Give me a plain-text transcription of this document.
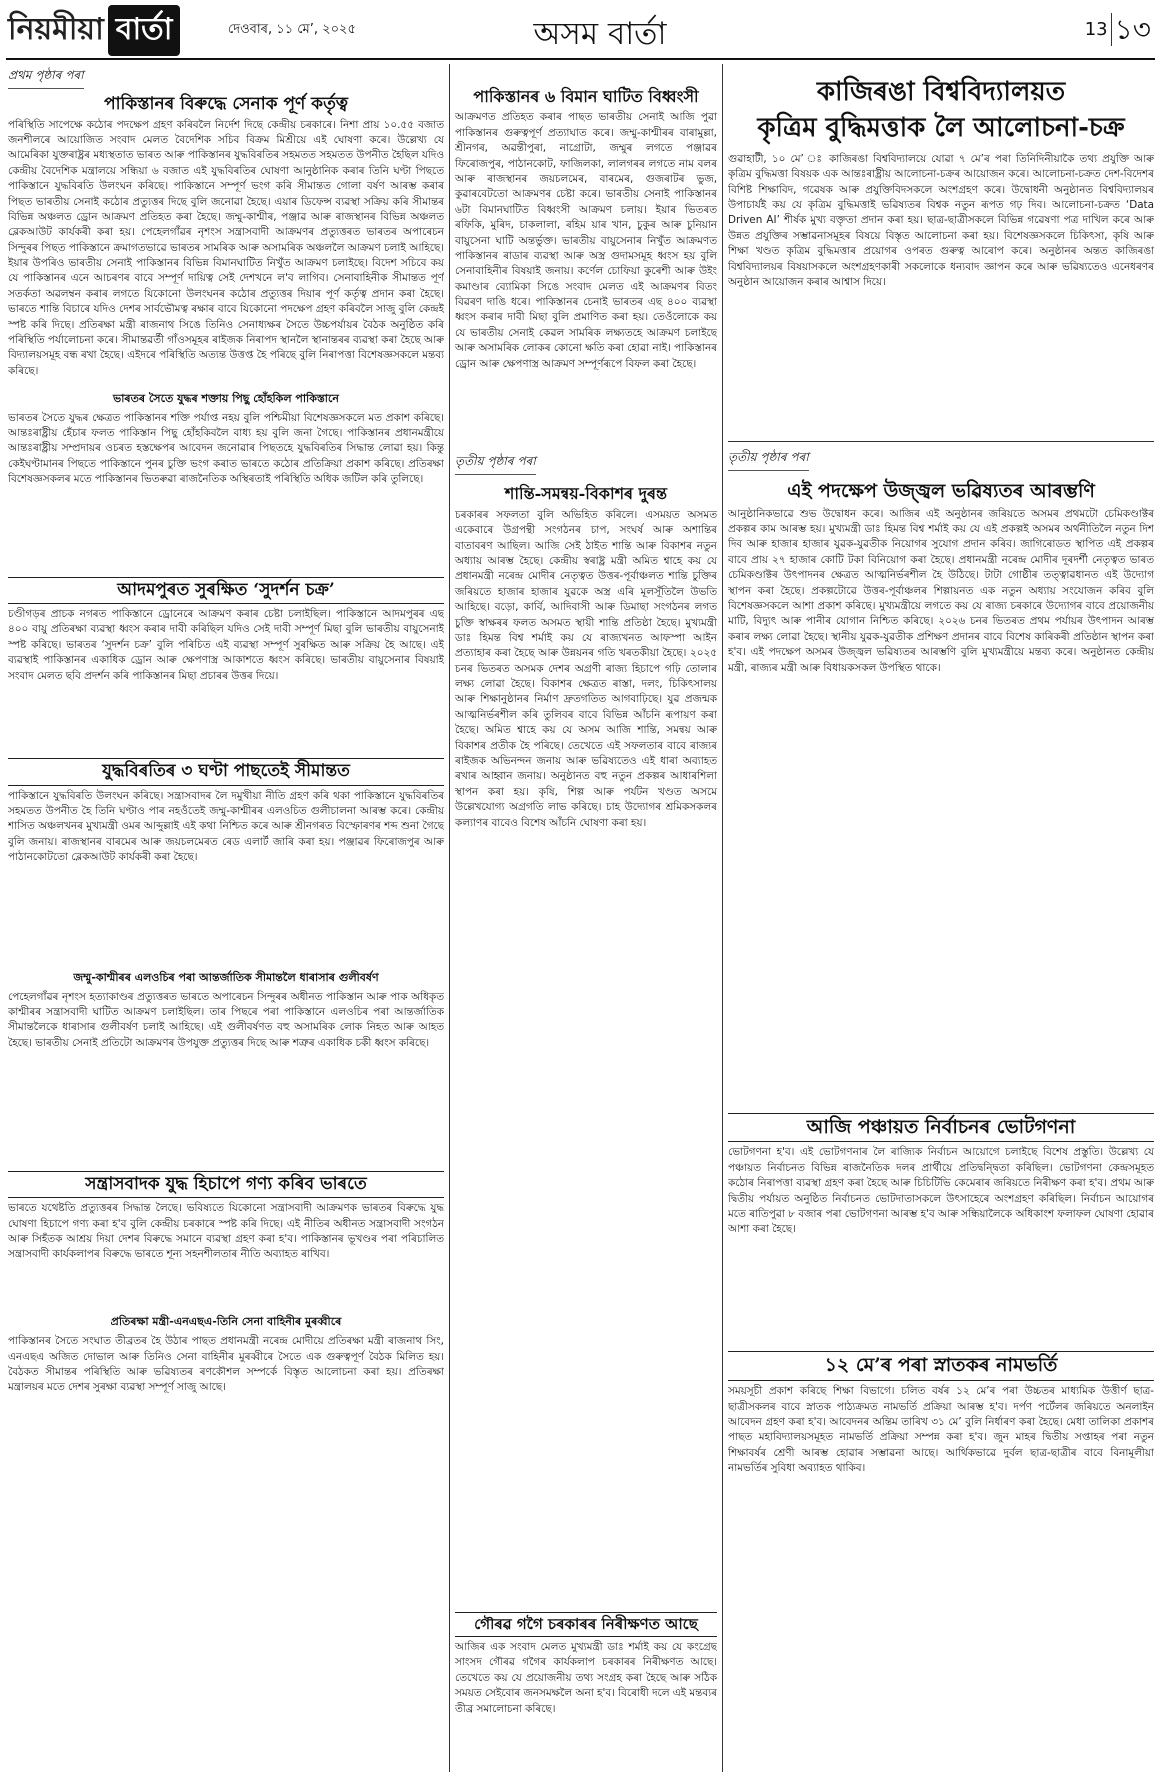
নিয়মীয়া বাৰ্তা	দেওবাৰ, ১১ মে’, ২০২৫	অসম বাৰ্তা	13 ১৩
প্ৰথম পৃষ্ঠাৰ পৰা
পাকিস্তানৰ বিৰুদ্ধে সেনাক পূৰ্ণ কৰ্তৃত্ব
পৰিস্থিতি সাপেক্ষে কঠোৰ পদক্ষেপ গ্ৰহণ কৰিবলৈ নিৰ্দেশ দিছে কেন্দ্ৰীয় চৰকাৰে। নিশা প্ৰায় ১০.৫৫ বজাত জনশীলৰে আয়োজিত সংবাদ মেলত বৈদেশিক সচিব বিক্ৰম মিশ্ৰীয়ে এই ঘোষণা কৰে। উল্লেখ্য যে আমেৰিকা যুক্তৰাষ্ট্ৰৰ মধ্যস্থতাত ভাৰত আৰু পাকিস্তানৰ যুদ্ধবিৰতিৰ সহমতত সহমতত উপনীত হৈছিল যদিও কেন্দ্ৰীয় বৈদেশিক মন্ত্ৰালয়ে সন্ধিয়া ৬ বজাত এই যুদ্ধবিৰতিৰ ঘোষণা আনুষ্ঠানিক কৰাৰ তিনি ঘণ্টা পিছতে পাকিস্তানে যুদ্ধবিৰতি উলংঘন কৰিছে। পাকিস্তানে সম্পূৰ্ণ ভংগ কৰি সীমান্তত গোলা বৰ্ষণ আৰম্ভ কৰাৰ পিছত ভাৰতীয় সেনাই কঠোৰ প্ৰত্যুত্তৰ দিছে বুলি জনোৱা হৈছে। এয়াৰ ডিফেন্স ব্যৱস্থা সক্ৰিয় কৰি সীমান্তৰ বিভিন্ন অঞ্চলত ড্ৰোন আক্ৰমণ প্ৰতিহত কৰা হৈছে। জম্মু-কাশ্মীৰ, পঞ্জাৱ আৰু ৰাজস্থানৰ বিভিন্ন অঞ্চলত ব্লেকআউট কাৰ্যকৰী কৰা হয়। পেহেলগাঁৱৰ নৃশংস সন্ত্ৰাসবাদী আক্ৰমণৰ প্ৰত্যুত্তৰত ভাৰতৰ অপাৰেচন সিন্দুৰৰ পিছত পাকিস্তানে ক্ৰমাগতভাৱে ভাৰতৰ সামৰিক আৰু অসামৰিক অঞ্চললৈ আক্ৰমণ চলাই আহিছে। ইয়াৰ উপৰিও ভাৰতীয় সেনাই পাকিস্তানৰ বিভিন্ন বিমানঘাটিত নিখুঁত আক্ৰমণ চলাইছে। বিদেশ সচিবে কয় যে পাকিস্তানৰ এনে আচৰণৰ বাবে সম্পূৰ্ণ দায়িত্ব সেই দেশখনে ল'ব লাগিব। সেনাবাহিনীক সীমান্তত পূৰ্ণ সতৰ্কতা অৱলম্বন কৰাৰ লগতে যিকোনো উলংঘনৰ কঠোৰ প্ৰত্যুত্তৰ দিয়াৰ পূৰ্ণ কৰ্তৃত্ব প্ৰদান কৰা হৈছে। ভাৰতে শান্তি বিচাৰে যদিও দেশৰ সাৰ্বভৌমত্ব ৰক্ষাৰ বাবে যিকোনো পদক্ষেপ গ্ৰহণ কৰিবলৈ সাজু বুলি কেন্দ্ৰই স্পষ্ট কৰি দিছে। প্ৰতিৰক্ষা মন্ত্ৰী ৰাজনাথ সিঙে তিনিও সেনাধ্যক্ষৰ সৈতে উচ্চপৰ্যায়ৰ বৈঠক অনুষ্ঠিত কৰি পৰিস্থিতি পৰ্যালোচনা কৰে। সীমান্তৱৰ্তী গাঁওসমূহৰ ৰাইজক নিৰাপদ স্থানলৈ স্থানান্তৰৰ ব্যৱস্থা কৰা হৈছে আৰু বিদ্যালয়সমূহ বন্ধ ৰখা হৈছে। এইদৰে পৰিস্থিতি অত্যন্ত উত্তপ্ত হৈ পৰিছে বুলি নিৰাপত্তা বিশেষজ্ঞসকলে মন্তব্য কৰিছে।
ভাৰতৰ সৈতে যুদ্ধৰ শক্তায় পিছু হোঁহকিল পাকিস্তানে
ভাৰতৰ সৈতে যুদ্ধৰ ক্ষেত্ৰত পাকিস্তানৰ শক্তি পৰ্যাপ্ত নহয় বুলি পশ্চিমীয়া বিশেষজ্ঞসকলে মত প্ৰকাশ কৰিছে। আন্তঃৰাষ্ট্ৰীয় হেঁচাৰ ফলত পাকিস্তান পিছু হোঁহকিবলৈ বাধ্য হয় বুলি জনা গৈছে। পাকিস্তানৰ প্ৰধানমন্ত্ৰীয়ে আন্তঃৰাষ্ট্ৰীয় সম্প্ৰদায়ৰ ওচৰত হস্তক্ষেপৰ আবেদন জনোৱাৰ পিছতহে যুদ্ধবিৰতিৰ সিদ্ধান্ত লোৱা হয়। কিন্তু কেইঘণ্টামানৰ পিছতে পাকিস্তানে পুনৰ চুক্তি ভংগ কৰাত ভাৰতে কঠোৰ প্ৰতিক্ৰিয়া প্ৰকাশ কৰিছে। প্ৰতিৰক্ষা বিশেষজ্ঞসকলৰ মতে পাকিস্তানৰ ভিতৰুৱা ৰাজনৈতিক অস্থিৰতাই পৰিস্থিতি অধিক জটিল কৰি তুলিছে।
আদমপুৰত সুৰক্ষিত ‘সুদৰ্শন চক্ৰ’
চণ্ডীগড়ৰ প্ৰাচক নগৰত পাকিস্তানে ড্ৰোনেৰে আক্ৰমণ কৰাৰ চেষ্টা চলাইছিল। পাকিস্তানে আদমপুৰৰ এছ ৪০০ বায়ু প্ৰতিৰক্ষা ব্যৱস্থা ধ্বংস কৰাৰ দাবী কৰিছিল যদিও সেই দাবী সম্পূৰ্ণ মিছা বুলি ভাৰতীয় বায়ুসেনাই স্পষ্ট কৰিছে। ভাৰতৰ ‘সুদৰ্শন চক্ৰ’ বুলি পৰিচিত এই ব্যৱস্থা সম্পূৰ্ণ সুৰক্ষিত আৰু সক্ৰিয় হৈ আছে। এই ব্যৱস্থাই পাকিস্তানৰ একাধিক ড্ৰোন আৰু ক্ষেপণাস্ত্ৰ আকাশতে ধ্বংস কৰিছে। ভাৰতীয় বায়ুসেনাৰ বিষয়াই সংবাদ মেলত ছবি প্ৰদৰ্শন কৰি পাকিস্তানৰ মিছা প্ৰচাৰৰ উত্তৰ দিয়ে।
যুদ্ধবিৰতিৰ ৩ ঘণ্টা পাছতেই সীমান্তত
পাকিস্তানে যুদ্ধবিৰতি উলংঘন কৰিছে। সন্ত্ৰাসবাদৰ লৈ দমুখীয়া নীতি গ্ৰহণ কৰি থকা পাকিস্তানে যুদ্ধবিৰতিৰ সহমতত উপনীত হৈ তিনি ঘণ্টাও পাৰ নহওঁতেই জম্মু-কাশ্মীৰৰ এলওচিত গুলীচালনা আৰম্ভ কৰে। কেন্দ্ৰীয় শাসিত অঞ্চলখনৰ মুখ্যমন্ত্ৰী ওমৰ আব্দুল্লাই এই কথা নিশ্চিত কৰে আৰু শ্ৰীনগৰত বিস্ফোৰণৰ শব্দ শুনা গৈছে বুলি জনায়। ৰাজস্থানৰ বাৰমেৰ আৰু জয়চলমেৰত ৰেড এলাৰ্ট জাৰি কৰা হয়। পঞ্জাৱৰ ফিৰোজপুৰ আৰু পাঠানকোটতো ব্লেকআউট কাৰ্যকৰী কৰা হৈছে।
জম্মু-কাশ্মীৰৰ এলওচিৰ পৰা আন্তৰ্জাতিক সীমান্তলৈ ধাৰাসাৰ গুলীবৰ্ষণ
পেহেলগাঁৱৰ নৃশংস হত্যাকাণ্ডৰ প্ৰত্যুত্তৰত ভাৰতে অপাৰেচন সিন্দুৰৰ অধীনত পাকিস্তান আৰু পাক অধিকৃত কাশ্মীৰৰ সন্ত্ৰাসবাদী ঘাটিত আক্ৰমণ চলাইছিল। তাৰ পিছৰে পৰা পাকিস্তানে এলওচিৰ পৰা আন্তৰ্জাতিক সীমান্তলৈকে ধাৰাসাৰ গুলীবৰ্ষণ চলাই আহিছে। এই গুলীবৰ্ষণত বহু অসামৰিক লোক নিহত আৰু আহত হৈছে। ভাৰতীয় সেনাই প্ৰতিটো আক্ৰমণৰ উপযুক্ত প্ৰত্যুত্তৰ দিছে আৰু শত্ৰুৰ একাধিক চকী ধ্বংস কৰিছে।
সন্ত্ৰাসবাদক যুদ্ধ হিচাপে গণ্য কৰিব ভাৰতে
ভাৰতে যথেষ্টতি প্ৰত্যুত্তৰৰ সিদ্ধান্ত লৈছে। ভবিষ্যতে যিকোনো সন্ত্ৰাসবাদী আক্ৰমণক ভাৰতৰ বিৰুদ্ধে যুদ্ধ ঘোষণা হিচাপে গণ্য কৰা হ'ব বুলি কেন্দ্ৰীয় চৰকাৰে স্পষ্ট কৰি দিছে। এই নীতিৰ অধীনত সন্ত্ৰাসবাদী সংগঠন আৰু সিহঁতক আশ্ৰয় দিয়া দেশৰ বিৰুদ্ধে সমানে ব্যৱস্থা গ্ৰহণ কৰা হ'ব। পাকিস্তানৰ ভূখণ্ডৰ পৰা পৰিচালিত সন্ত্ৰাসবাদী কাৰ্যকলাপৰ বিৰুদ্ধে ভাৰতে শূন্য সহনশীলতাৰ নীতি অব্যাহত ৰাখিব।
প্ৰতিৰক্ষা মন্ত্ৰী-এনএছএ-তিনি সেনা বাহিনীৰ মুৰব্বীৰে
পাকিস্তানৰ সৈতে সংঘাত তীব্ৰতৰ হৈ উঠাৰ পাছত প্ৰধানমন্ত্ৰী নৰেন্দ্ৰ মোদীয়ে প্ৰতিৰক্ষা মন্ত্ৰী ৰাজনাথ সিং, এনএছএ অজিত দোভাল আৰু তিনিও সেনা বাহিনীৰ মুৰব্বীৰে সৈতে এক গুৰুত্বপূৰ্ণ বৈঠক মিলিত হয়। বৈঠকত সীমান্তৰ পৰিস্থিতি আৰু ভৱিষ্যতৰ ৰণকৌশল সম্পৰ্কে বিস্তৃত আলোচনা কৰা হয়। প্ৰতিৰক্ষা মন্ত্ৰালয়ৰ মতে দেশৰ সুৰক্ষা ব্যৱস্থা সম্পূৰ্ণ সাজু আছে।
পাকিস্তানৰ ৬ বিমান ঘাটিত বিধ্বংসী
আক্ৰমণত প্ৰতিহত কৰাৰ পাছত ভাৰতীয় সেনাই আজি পুৱা পাকিস্তানৰ গুৰুত্বপূৰ্ণ প্ৰত্যাঘাত কৰে। জম্মু-কাশ্মীৰৰ বাৰামুল্লা, শ্ৰীনগৰ, অৱন্তীপুৰা, নাগ্ৰোটা, জম্মুৰ লগতে পঞ্জাৱৰ ফিৰোজপুৰ, পাঠানকোট, ফাজিলকা, লালগৰৰ লগতে নাম বলৰ আৰু ৰাজস্থানৰ জয়চলমেৰ, বাৰমেৰ, গুজৰাটৰ ভুজ, কুৱাৰবেটতো আক্ৰমণৰ চেষ্টা কৰে। ভাৰতীয় সেনাই পাকিস্তানৰ ৬টা বিমানঘাটিত বিধ্বংসী আক্ৰমণ চলায়। ইয়াৰ ভিতৰত ৰফিকি, মুৰিদ, চাকলালা, ৰহিম য়াৰ খান, চুকুৰ আৰু চুনিয়ান বায়ুসেনা ঘাটি অন্তৰ্ভুক্ত। ভাৰতীয় বায়ুসেনাৰ নিখুঁত আক্ৰমণত পাকিস্তানৰ ৰাডাৰ ব্যৱস্থা আৰু অস্ত্ৰ গুদামসমূহ ধ্বংস হয় বুলি সেনাবাহিনীৰ বিষয়াই জনায়। কৰ্ণেল চোফিয়া কুৰেশী আৰু উইং কমাণ্ডাৰ ব্যোমিকা সিঙে সংবাদ মেলত এই আক্ৰমণৰ বিতং বিৱৰণ দাঙি ধৰে। পাকিস্তানৰ চেনাই ভাৰতৰ এছ ৪০০ ব্যৱস্থা ধ্বংস কৰাৰ দাবী মিছা বুলি প্ৰমাণিত কৰা হয়। তেওঁলোকে কয় যে ভাৰতীয় সেনাই কেৱল সামৰিক লক্ষ্যতহে আক্ৰমণ চলাইছে আৰু অসামৰিক লোকৰ কোনো ক্ষতি কৰা হোৱা নাই। পাকিস্তানৰ ড্ৰোন আৰু ক্ষেপণাস্ত্ৰ আক্ৰমণ সম্পূৰ্ণৰূপে বিফল কৰা হৈছে।
তৃতীয় পৃষ্ঠাৰ পৰা
শান্তি-সমন্বয়-বিকাশৰ দুৰন্ত
চৰকাৰৰ সফলতা বুলি অভিহিত কৰিলে। এসময়ত অসমত একেবাৰে উগ্ৰপন্থী সংগঠনৰ চাপ, সংঘৰ্ষ আৰু অশান্তিৰ বাতাবৰণ আছিল। আজি সেই ঠাইত শান্তি আৰু বিকাশৰ নতুন অধ্যায় আৰম্ভ হৈছে। কেন্দ্ৰীয় স্বৰাষ্ট্ৰ মন্ত্ৰী অমিত শ্বাহে কয় যে প্ৰধানমন্ত্ৰী নৰেন্দ্ৰ মোদীৰ নেতৃত্বত উত্তৰ-পূৰ্বাঞ্চলত শান্তি চুক্তিৰ জৰিয়তে হাজাৰ হাজাৰ যুৱকে অস্ত্ৰ এৰি মূলসূঁতিলৈ উভতি আহিছে। বড়ো, কাৰ্বি, আদিবাসী আৰু ডিমাছা সংগঠনৰ লগত চুক্তি স্বাক্ষৰৰ ফলত অসমত স্থায়ী শান্তি প্ৰতিষ্ঠা হৈছে। মুখ্যমন্ত্ৰী ডাঃ হিমন্ত বিশ্ব শৰ্মাই কয় যে ৰাজ্যখনত আফস্পা আইন প্ৰত্যাহাৰ কৰা হৈছে আৰু উন্নয়নৰ গতি খৰতকীয়া হৈছে। ২০২৫ চনৰ ভিতৰত অসমক দেশৰ অগ্ৰণী ৰাজ্য হিচাপে গঢ়ি তোলাৰ লক্ষ্য লোৱা হৈছে। বিকাশৰ ক্ষেত্ৰত ৰাস্তা, দলং, চিকিৎসালয় আৰু শিক্ষানুষ্ঠানৰ নিৰ্মাণ দ্ৰুতগতিত আগবাঢ়িছে। যুৱ প্ৰজন্মক আত্মনিৰ্ভৰশীল কৰি তুলিবৰ বাবে বিভিন্ন আঁচনি ৰূপায়ণ কৰা হৈছে। অমিত শ্বাহে কয় যে অসম আজি শান্তি, সমন্বয় আৰু বিকাশৰ প্ৰতীক হৈ পৰিছে। তেখেতে এই সফলতাৰ বাবে ৰাজ্যৰ ৰাইজক অভিনন্দন জনায় আৰু ভৱিষ্যতেও এই ধাৰা অব্যাহত ৰখাৰ আহ্বান জনায়। অনুষ্ঠানত বহু নতুন প্ৰকল্পৰ আধাৰশিলা স্থাপন কৰা হয়। কৃষি, শিল্প আৰু পৰ্যটন খণ্ডত অসমে উল্লেখযোগ্য অগ্ৰগতি লাভ কৰিছে। চাহ উদ্যোগৰ শ্ৰমিকসকলৰ কল্যাণৰ বাবেও বিশেষ আঁচনি ঘোষণা কৰা হয়।
গৌৰৱ গগৈ চৰকাৰৰ নিৰীক্ষণত আছে
আজিৰ এক সংবাদ মেলত মুখ্যমন্ত্ৰী ডাঃ শৰ্মাই কয় যে কংগ্ৰেছ সাংসদ গৌৰৱ গগৈৰ কাৰ্যকলাপ চৰকাৰৰ নিৰীক্ষণত আছে। তেখেতে কয় যে প্ৰয়োজনীয় তথ্য সংগ্ৰহ কৰা হৈছে আৰু সঠিক সময়ত সেইবোৰ জনসমক্ষলৈ অনা হ'ব। বিৰোধী দলে এই মন্তব্যৰ তীব্ৰ সমালোচনা কৰিছে।
কাজিৰঙা বিশ্ববিদ্যালয়ত
কৃত্ৰিম বুদ্ধিমত্তাক লৈ আলোচনা-চক্ৰ
গুৱাহাটী, ১০ মে’ ঃ কাজিৰঙা বিশ্ববিদ্যালয়ে যোৱা ৭ মে’ৰ পৰা তিনিদিনীয়াকৈ তথ্য প্ৰযুক্তি আৰু কৃত্ৰিম বুদ্ধিমত্তা বিষয়ক এক আন্তঃৰাষ্ট্ৰীয় আলোচনা-চক্ৰৰ আয়োজন কৰে। আলোচনা-চক্ৰত দেশ-বিদেশৰ বিশিষ্ট শিক্ষাবিদ, গৱেষক আৰু প্ৰযুক্তিবিদসকলে অংশগ্ৰহণ কৰে। উদ্বোধনী অনুষ্ঠানত বিশ্ববিদ্যালয়ৰ উপাচাৰ্যই কয় যে কৃত্ৰিম বুদ্ধিমত্তাই ভৱিষ্যতৰ বিশ্বক নতুন ৰূপত গঢ় দিব। আলোচনা-চক্ৰত ‘Data Driven AI’ শীৰ্ষক মুখ্য বক্তৃতা প্ৰদান কৰা হয়। ছাত্ৰ-ছাত্ৰীসকলে বিভিন্ন গৱেষণা পত্ৰ দাখিল কৰে আৰু উন্নত প্ৰযুক্তিৰ সম্ভাৱনাসমূহৰ বিষয়ে বিস্তৃত আলোচনা কৰা হয়। বিশেষজ্ঞসকলে চিকিৎসা, কৃষি আৰু শিক্ষা খণ্ডত কৃত্ৰিম বুদ্ধিমত্তাৰ প্ৰয়োগৰ ওপৰত গুৰুত্ব আৰোপ কৰে। অনুষ্ঠানৰ অন্তত কাজিৰঙা বিশ্ববিদ্যালয়ৰ বিষয়াসকলে অংশগ্ৰহণকাৰী সকলোকে ধন্যবাদ জ্ঞাপন কৰে আৰু ভৱিষ্যতেও এনেধৰণৰ অনুষ্ঠান আয়োজন কৰাৰ আশ্বাস দিয়ে।
তৃতীয় পৃষ্ঠাৰ পৰা
এই পদক্ষেপ উজ্জ্বল ভৱিষ্যতৰ আৰম্ভণি
আনুষ্ঠানিকভাৱে শুভ উদ্বোধন কৰে। আজিৰ এই অনুষ্ঠানৰ জৰিয়তে অসমৰ প্ৰথমটো চেমিকণ্ডাক্টৰ প্ৰকল্পৰ কাম আৰম্ভ হয়। মুখ্যমন্ত্ৰী ডাঃ হিমন্ত বিশ্ব শৰ্মাই কয় যে এই প্ৰকল্পই অসমৰ অৰ্থনীতিলৈ নতুন দিশ দিব আৰু হাজাৰ হাজাৰ যুৱক-যুৱতীক নিয়োগৰ সুযোগ প্ৰদান কৰিব। জাগিৰোডত স্থাপিত এই প্ৰকল্পৰ বাবে প্ৰায় ২৭ হাজাৰ কোটি টকা বিনিয়োগ কৰা হৈছে। প্ৰধানমন্ত্ৰী নৰেন্দ্ৰ মোদীৰ দূৰদৰ্শী নেতৃত্বত ভাৰত চেমিকণ্ডাক্টৰ উৎপাদনৰ ক্ষেত্ৰত আত্মনিৰ্ভৰশীল হৈ উঠিছে। টাটা গোষ্ঠীৰ তত্ত্বাৱধানত এই উদ্যোগ স্থাপন কৰা হৈছে। প্ৰকল্পটোৱে উত্তৰ-পূৰ্বাঞ্চলৰ শিল্পায়নত এক নতুন অধ্যায় সংযোজন কৰিব বুলি বিশেষজ্ঞসকলে আশা প্ৰকাশ কৰিছে। মুখ্যমন্ত্ৰীয়ে লগতে কয় যে ৰাজ্য চৰকাৰে উদ্যোগৰ বাবে প্ৰয়োজনীয় মাটি, বিদ্যুৎ আৰু পানীৰ যোগান নিশ্চিত কৰিছে। ২০২৬ চনৰ ভিতৰত প্ৰথম পৰ্যায়ৰ উৎপাদন আৰম্ভ কৰাৰ লক্ষ্য লোৱা হৈছে। স্থানীয় যুৱক-যুৱতীক প্ৰশিক্ষণ প্ৰদানৰ বাবে বিশেষ কাৰিকৰী প্ৰতিষ্ঠান স্থাপন কৰা হ'ব। এই পদক্ষেপ অসমৰ উজ্জ্বল ভৱিষ্যতৰ আৰম্ভণি বুলি মুখ্যমন্ত্ৰীয়ে মন্তব্য কৰে। অনুষ্ঠানত কেন্দ্ৰীয় মন্ত্ৰী, ৰাজ্যৰ মন্ত্ৰী আৰু বিধায়কসকল উপস্থিত থাকে।
আজি পঞ্চায়ত নিৰ্বাচনৰ ভোটগণনা
ভোটগণনা হ'ব। এই ভোটগণনাৰ লৈ ৰাজ্যিক নিৰ্বাচন আয়োগে চলাইছে বিশেষ প্ৰস্তুতি। উল্লেখ্য যে পঞ্চায়ত নিৰ্বাচনত বিভিন্ন ৰাজনৈতিক দলৰ প্ৰাৰ্থীয়ে প্ৰতিদ্বন্দ্বিতা কৰিছিল। ভোটগণনা কেন্দ্ৰসমূহত কঠোৰ নিৰাপত্তা ব্যৱস্থা গ্ৰহণ কৰা হৈছে আৰু চিচিটিভি কেমেৰাৰ জৰিয়তে নিৰীক্ষণ কৰা হ'ব। প্ৰথম আৰু দ্বিতীয় পৰ্যায়ত অনুষ্ঠিত নিৰ্বাচনত ভোটদাতাসকলে উৎসাহেৰে অংশগ্ৰহণ কৰিছিল। নিৰ্বাচন আয়োগৰ মতে ৰাতিপুৱা ৮ বজাৰ পৰা ভোটগণনা আৰম্ভ হ'ব আৰু সন্ধিয়ালৈকে অধিকাংশ ফলাফল ঘোষণা হোৱাৰ আশা কৰা হৈছে।
১২ মে’ৰ পৰা স্নাতকৰ নামভৰ্তি
সময়সূচী প্ৰকাশ কৰিছে শিক্ষা বিভাগে। চলিত বৰ্ষৰ ১২ মে’ৰ পৰা উচ্চতৰ মাধ্যমিক উত্তীৰ্ণ ছাত্ৰ-ছাত্ৰীসকলৰ বাবে স্নাতক পাঠ্যক্ৰমত নামভৰ্তি প্ৰক্ৰিয়া আৰম্ভ হ'ব। দৰ্পণ পৰ্টেলৰ জৰিয়তে অনলাইন আবেদন গ্ৰহণ কৰা হ'ব। আবেদনৰ অন্তিম তাৰিখ ৩১ মে’ বুলি নিৰ্ধাৰণ কৰা হৈছে। মেধা তালিকা প্ৰকাশৰ পাছত মহাবিদ্যালয়সমূহত নামভৰ্তি প্ৰক্ৰিয়া সম্পন্ন কৰা হ'ব। জুন মাহৰ দ্বিতীয় সপ্তাহৰ পৰা নতুন শিক্ষাবৰ্ষৰ শ্ৰেণী আৰম্ভ হোৱাৰ সম্ভাৱনা আছে। আৰ্থিকভাৱে দুৰ্বল ছাত্ৰ-ছাত্ৰীৰ বাবে বিনামূলীয়া নামভৰ্তিৰ সুবিধা অব্যাহত থাকিব।
